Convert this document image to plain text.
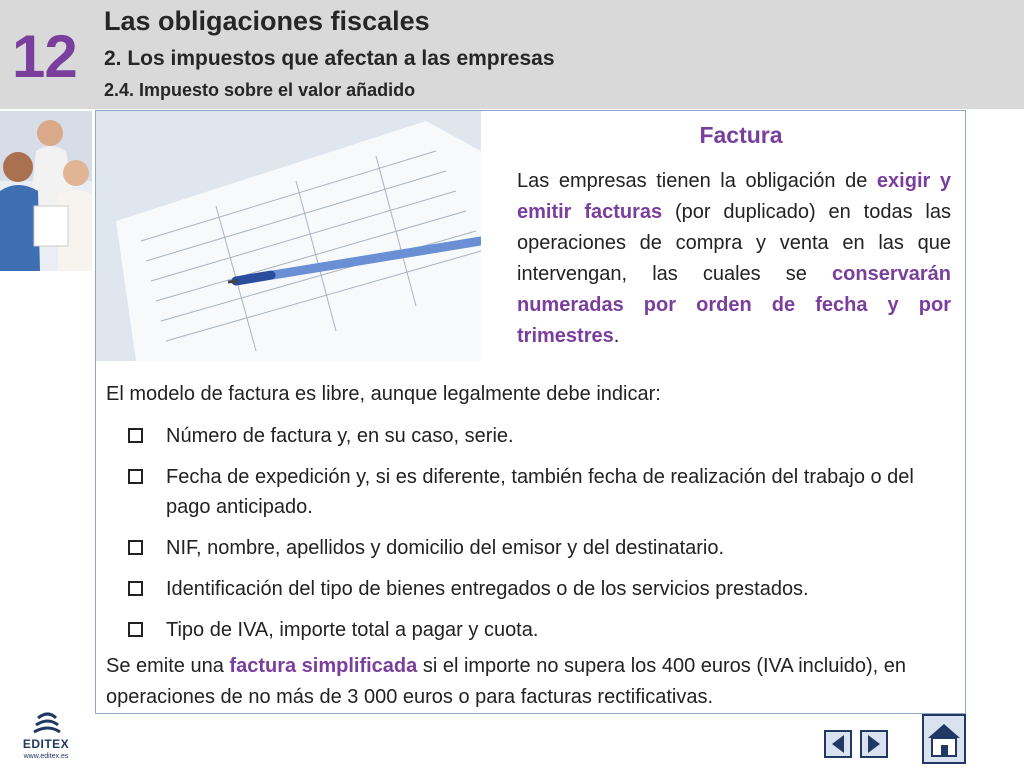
12
Las obligaciones fiscales
2. Los impuestos que afectan a las empresas
2.4. Impuesto sobre el valor añadido
Factura

Las empresas tienen la obligación de exigir y emitir facturas (por duplicado) en todas las operaciones de compra y venta en las que intervengan, las cuales se conservarán numeradas por orden de fecha y por trimestres.

El modelo de factura es libre, aunque legalmente debe indicar:
Número de factura y, en su caso, serie.
Fecha de expedición y, si es diferente, también fecha de realización del trabajo o del pago anticipado.
NIF, nombre, apellidos y domicilio del emisor y del destinatario.
Identificación del tipo de bienes entregados o de los servicios prestados.
Tipo de IVA, importe total a pagar y cuota.

Se emite una factura simplificada si el importe no supera los 400 euros (IVA incluido), en operaciones de no más de 3 000 euros o para facturas rectificativas.

EDITEX
www.editex.es
